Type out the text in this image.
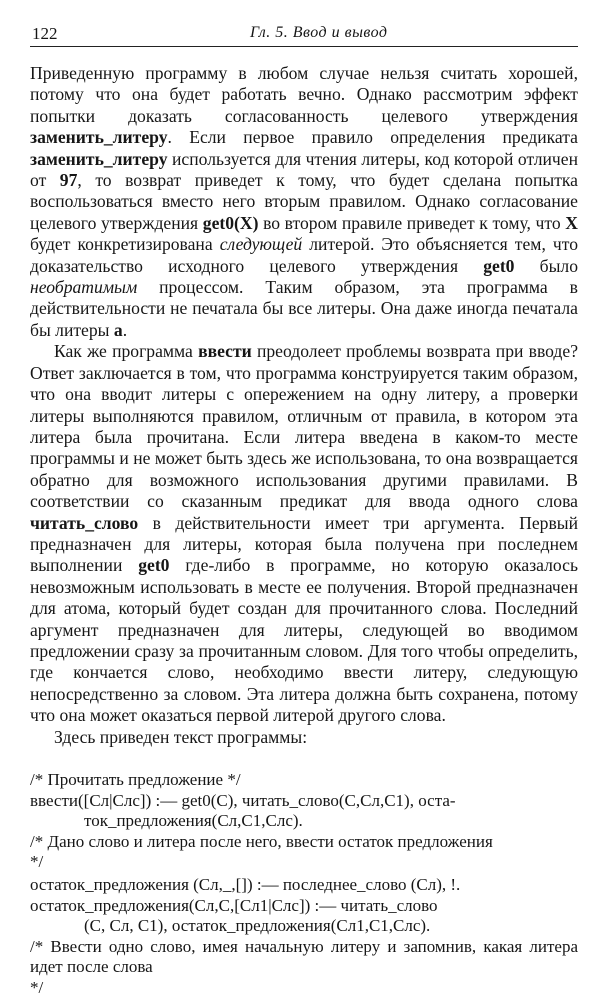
122	Гл. 5. Ввод и вывод

Приведенную программу в любом случае нельзя считать хорошей, потому что она будет работать вечно. Однако рассмотрим эффект попытки доказать согласованность целевого утверждения заменить_литеру. Если первое правило определения предиката заменить_литеру используется для чтения литеры, код которой отличен от 97, то возврат приведет к тому, что будет сделана попытка воспользоваться вместо него вторым правилом. Однако согласование целевого утверждения get0(X) во втором правиле приведет к тому, что X будет конкретизирована следующей литерой. Это объясняется тем, что доказательство исходного целевого утверждения get0 было необратимым процессом. Таким образом, эта программа в действительности не печатала бы все литеры. Она даже иногда печатала бы литеры a.

Как же программа ввести преодолеет проблемы возврата при вводе? Ответ заключается в том, что программа конструируется таким образом, что она вводит литеры с опережением на одну литеру, а проверки литеры выполняются правилом, отличным от правила, в котором эта литера была прочитана. Если литера введена в каком-то месте программы и не может быть здесь же использована, то она возвращается обратно для возможного использования другими правилами. В соответствии со сказанным предикат для ввода одного слова читать_слово в действительности имеет три аргумента. Первый предназначен для литеры, которая была получена при последнем выполнении get0 где-либо в программе, но которую оказалось невозможным использовать в месте ее получения. Второй предназначен для атома, который будет создан для прочитанного слова. Последний аргумент предназначен для литеры, следующей во вводимом предложении сразу за прочитанным словом. Для того чтобы определить, где кончается слово, необходимо ввести литеру, следующую непосредственно за словом. Эта литера должна быть сохранена, потому что она может оказаться первой литерой другого слова.

Здесь приведен текст программы:

/* Прочитать предложение */

ввести([Сл|Слс]) :— get0(С), читать_слово(С,Сл,С1), оста-

ток_предложения(Сл,С1,Слс).

/* Дано слово и литера после него, ввести остаток предложения

*/

остаток_предложения (Сл,_,[]) :— последнее_слово (Сл), !.

остаток_предложения(Сл,С,[Сл1|Слс]) :— читать_слово

(С, Сл, С1), остаток_предложения(Сл1,С1,Слс).

/* Ввести одно слово, имея начальную литеру и запомнив, какая литера идет после слова

*/
